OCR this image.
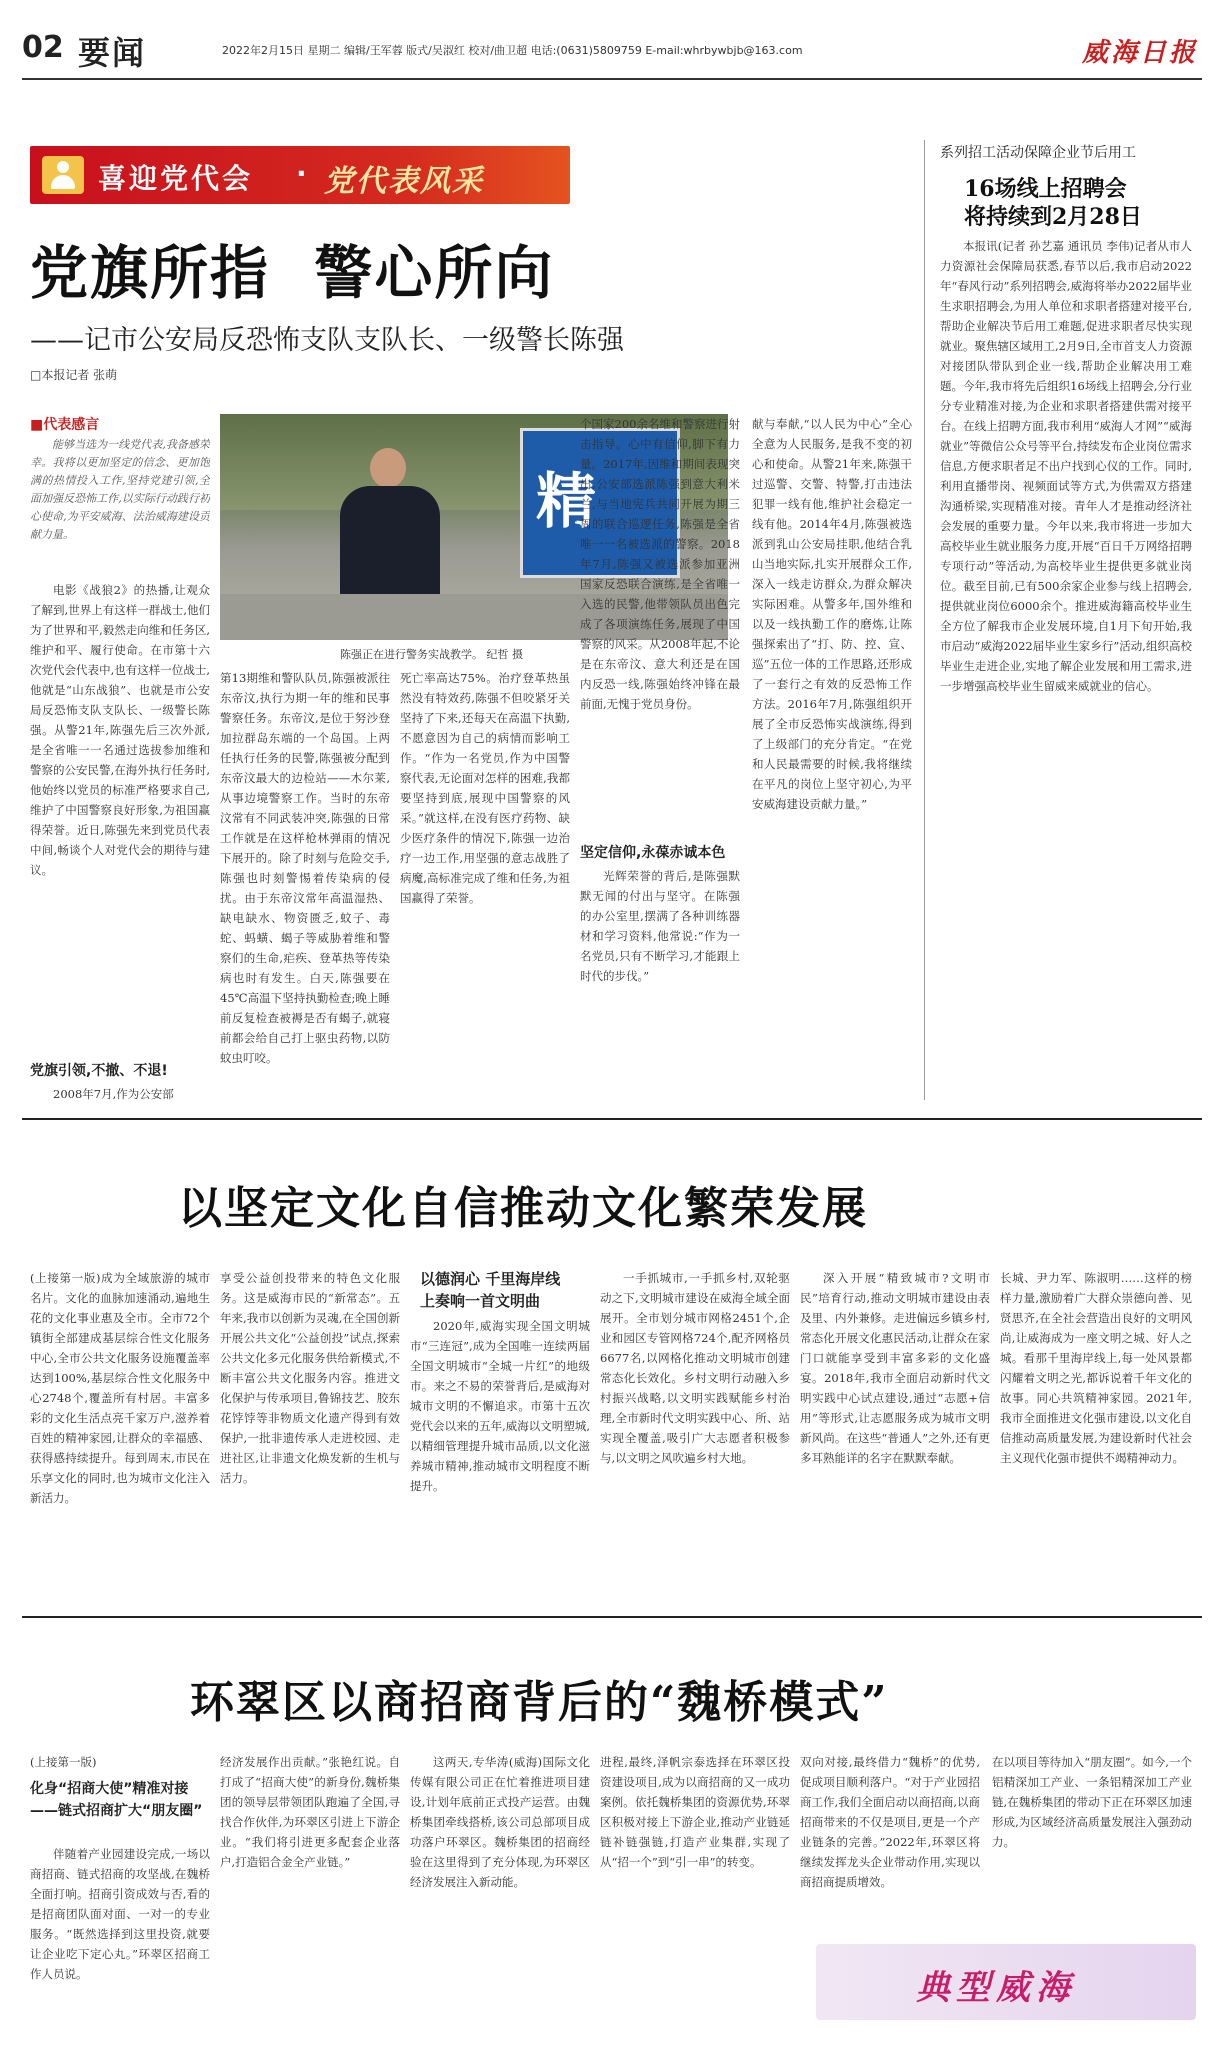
02 要闻	2022年2月15日 星期二 编辑/王军蓉 版式/吴淑红 校对/曲卫超 电话:(0631)5809759 E-mail:whrbywbjb@163.com	威海日报
喜迎党代会 · 党代表风采
党旗所指  警心所向
——记市公安局反恐怖支队支队长、一级警长陈强
□本报记者 张萌
■代表感言
能够当选为一线党代表,我备感荣幸。我将以更加坚定的信念、更加饱满的热情投入工作,坚持党建引领,全面加强反恐怖工作,以实际行动践行初心使命,为平安威海、法治威海建设贡献力量。	精
陈强正在进行警务实战教学。 纪哲 摄
电影《战狼2》的热播,让观众了解到,世界上有这样一群战士,他们为了世界和平,毅然走向维和任务区,维护和平、履行使命。在市第十六次党代会代表中,也有这样一位战士,他就是“山东战狼”、也就是市公安局反恐怖支队支队长、一级警长陈强。从警21年,陈强先后三次外派,是全省唯一一名通过选拔参加维和警察的公安民警,在海外执行任务时,他始终以党员的标准严格要求自己,维护了中国警察良好形象,为祖国赢得荣誉。近日,陈强先来到党员代表中间,畅谈个人对党代会的期待与建议。
党旗引领,不撤、不退!
2008年7月,作为公安部
第13期维和警队队员,陈强被派往东帝汶,执行为期一年的维和民事警察任务。东帝汶,是位于努沙登加拉群岛东端的一个岛国。上两任执行任务的民警,陈强被分配到东帝汶最大的边检站——木尔莱,从事边境警察工作。当时的东帝汶常有不同武装冲突,陈强的日常工作就是在这样枪林弹雨的情况下展开的。除了时刻与危险交手,陈强也时刻警惕着传染病的侵扰。由于东帝汶常年高温湿热、缺电缺水、物资匮乏,蚊子、毒蛇、蚂蟥、蝎子等威胁着维和警察们的生命,疟疾、登革热等传染病也时有发生。白天,陈强要在45℃高温下坚持执勤检查;晚上睡前反复检查被褥是否有蝎子,就寝前都会给自己打上驱虫药物,以防蚊虫叮咬。
死亡率高达75%。治疗登革热虽然没有特效药,陈强不但咬紧牙关坚持了下来,还每天在高温下执勤,不愿意因为自己的病情而影响工作。“作为一名党员,作为中国警察代表,无论面对怎样的困难,我都要坚持到底,展现中国警察的风采。”就这样,在没有医疗药物、缺少医疗条件的情况下,陈强一边治疗一边工作,用坚强的意志战胜了病魔,高标准完成了维和任务,为祖国赢得了荣誉。
个国家200余名维和警察进行射击指导。心中有信仰,脚下有力量。2017年,因维和期间表现突出,公安部选派陈强到意大利米兰,与当地宪兵共同开展为期三周的联合巡逻任务,陈强是全省唯一一名被选派的警察。2018年7月,陈强又被选派参加亚洲国家反恐联合演练,是全省唯一入选的民警,他带领队员出色完成了各项演练任务,展现了中国警察的风采。从2008年起,不论是在东帝汶、意大利还是在国内反恐一线,陈强始终冲锋在最前面,无愧于党员身份。
坚定信仰,永葆赤诚本色
光辉荣誉的背后,是陈强默默无闻的付出与坚守。在陈强的办公室里,摆满了各种训练器材和学习资料,他常说:“作为一名党员,只有不断学习,才能跟上时代的步伐。”
献与奉献,“以人民为中心”全心全意为人民服务,是我不变的初心和使命。从警21年来,陈强干过巡警、交警、特警,打击违法犯罪一线有他,维护社会稳定一线有他。2014年4月,陈强被选派到乳山公安局挂职,他结合乳山当地实际,扎实开展群众工作,深入一线走访群众,为群众解决实际困难。从警多年,国外维和以及一线执勤工作的磨炼,让陈强探索出了“打、防、控、宣、巡”五位一体的工作思路,还形成了一套行之有效的反恐怖工作方法。2016年7月,陈强组织开展了全市反恐怖实战演练,得到了上级部门的充分肯定。“在党和人民最需要的时候,我将继续在平凡的岗位上坚守初心,为平安威海建设贡献力量。”
系列招工活动保障企业节后用工
16场线上招聘会
将持续到2月28日
本报讯(记者 孙艺嘉 通讯员 李伟)记者从市人力资源社会保障局获悉,春节以后,我市启动2022年“春风行动”系列招聘会,威海将举办2022届毕业生求职招聘会,为用人单位和求职者搭建对接平台,帮助企业解决节后用工难题,促进求职者尽快实现就业。聚焦辖区域用工,2月9日,全市首支人力资源对接团队带队到企业一线,帮助企业解决用工难题。今年,我市将先后组织16场线上招聘会,分行业分专业精准对接,为企业和求职者搭建供需对接平台。在线上招聘方面,我市利用“威海人才网”“威海就业”等微信公众号等平台,持续发布企业岗位需求信息,方便求职者足不出户找到心仪的工作。同时,利用直播带岗、视频面试等方式,为供需双方搭建沟通桥梁,实现精准对接。青年人才是推动经济社会发展的重要力量。今年以来,我市将进一步加大高校毕业生就业服务力度,开展“百日千万网络招聘专项行动”等活动,为高校毕业生提供更多就业岗位。截至目前,已有500余家企业参与线上招聘会,提供就业岗位6000余个。推进威海籍高校毕业生全方位了解我市企业发展环境,自1月下旬开始,我市启动“威海2022届毕业生家乡行”活动,组织高校毕业生走进企业,实地了解企业发展和用工需求,进一步增强高校毕业生留威来威就业的信心。
以坚定文化自信推动文化繁荣发展
(上接第一版)成为全域旅游的城市名片。文化的血脉加速涌动,遍地生花的文化事业惠及全市。全市72个镇街全部建成基层综合性文化服务中心,全市公共文化服务设施覆盖率达到100%,基层综合性文化服务中心2748个,覆盖所有村居。丰富多彩的文化生活点亮千家万户,滋养着百姓的精神家园,让群众的幸福感、获得感持续提升。每到周末,市民在乐享文化的同时,也为城市文化注入新活力。
享受公益创投带来的特色文化服务。这是威海市民的“新常态”。五年来,我市以创新为灵魂,在全国创新开展公共文化“公益创投”试点,探索公共文化多元化服务供给新模式,不断丰富公共文化服务内容。推进文化保护与传承项目,鲁锦技艺、胶东花饽饽等非物质文化遗产得到有效保护,一批非遗传承人走进校园、走进社区,让非遗文化焕发新的生机与活力。
以德润心 千里海岸线
上奏响一首文明曲
2020年,威海实现全国文明城市“三连冠”,成为全国唯一连续两届全国文明城市“全城一片红”的地级市。来之不易的荣誉背后,是威海对城市文明的不懈追求。市第十五次党代会以来的五年,威海以文明塑城,以精细管理提升城市品质,以文化滋养城市精神,推动城市文明程度不断提升。
一手抓城市,一手抓乡村,双轮驱动之下,文明城市建设在威海全域全面展开。全市划分城市网格2451个,企业和园区专管网格724个,配齐网格员6677名,以网格化推动文明城市创建常态化长效化。乡村文明行动融入乡村振兴战略,以文明实践赋能乡村治理,全市新时代文明实践中心、所、站实现全覆盖,吸引广大志愿者积极参与,以文明之风吹遍乡村大地。
深入开展“精致城市?文明市民”培育行动,推动文明城市建设由表及里、内外兼修。走进偏远乡镇乡村,常态化开展文化惠民活动,让群众在家门口就能享受到丰富多彩的文化盛宴。2018年,我市全面启动新时代文明实践中心试点建设,通过“志愿+信用”等形式,让志愿服务成为城市文明新风尚。在这些“普通人”之外,还有更多耳熟能详的名字在默默奉献。
长城、尹力军、陈淑明……这样的榜样力量,激励着广大群众崇德向善、见贤思齐,在全社会营造出良好的文明风尚,让威海成为一座文明之城、好人之城。看那千里海岸线上,每一处风景都闪耀着文明之光,都诉说着千年文化的故事。同心共筑精神家园。2021年,我市全面推进文化强市建设,以文化自信推动高质量发展,为建设新时代社会主义现代化强市提供不竭精神动力。
环翠区以商招商背后的“魏桥模式”
(上接第一版)
化身“招商大使”精准对接
——链式招商扩大“朋友圈”
伴随着产业园建设完成,一场以商招商、链式招商的攻坚战,在魏桥全面打响。招商引资成效与否,看的是招商团队面对面、一对一的专业服务。“既然选择到这里投资,就要让企业吃下定心丸。”环翠区招商工作人员说。
经济发展作出贡献。”张艳红说。自打成了“招商大使”的新身份,魏桥集团的领导层带领团队跑遍了全国,寻找合作伙伴,为环翠区引进上下游企业。“我们将引进更多配套企业落户,打造铝合金全产业链。”
这两天,专华涛(威海)国际文化传媒有限公司正在忙着推进项目建设,计划年底前正式投产运营。由魏桥集团牵线搭桥,该公司总部项目成功落户环翠区。魏桥集团的招商经验在这里得到了充分体现,为环翠区经济发展注入新动能。
进程,最终,泽帆宗泰选择在环翠区投资建设项目,成为以商招商的又一成功案例。依托魏桥集团的资源优势,环翠区积极对接上下游企业,推动产业链延链补链强链,打造产业集群,实现了从“招一个”到“引一串”的转变。
双向对接,最终借力“魏桥”的优势,促成项目顺利落户。“对于产业园招商工作,我们全面启动以商招商,以商招商带来的不仅是项目,更是一个产业链条的完善。”2022年,环翠区将继续发挥龙头企业带动作用,实现以商招商提质增效。
在以项目等待加入“朋友圈”。如今,一个铝精深加工产业、一条铝精深加工产业链,在魏桥集团的带动下正在环翠区加速形成,为区域经济高质量发展注入强劲动力。
典型威海
